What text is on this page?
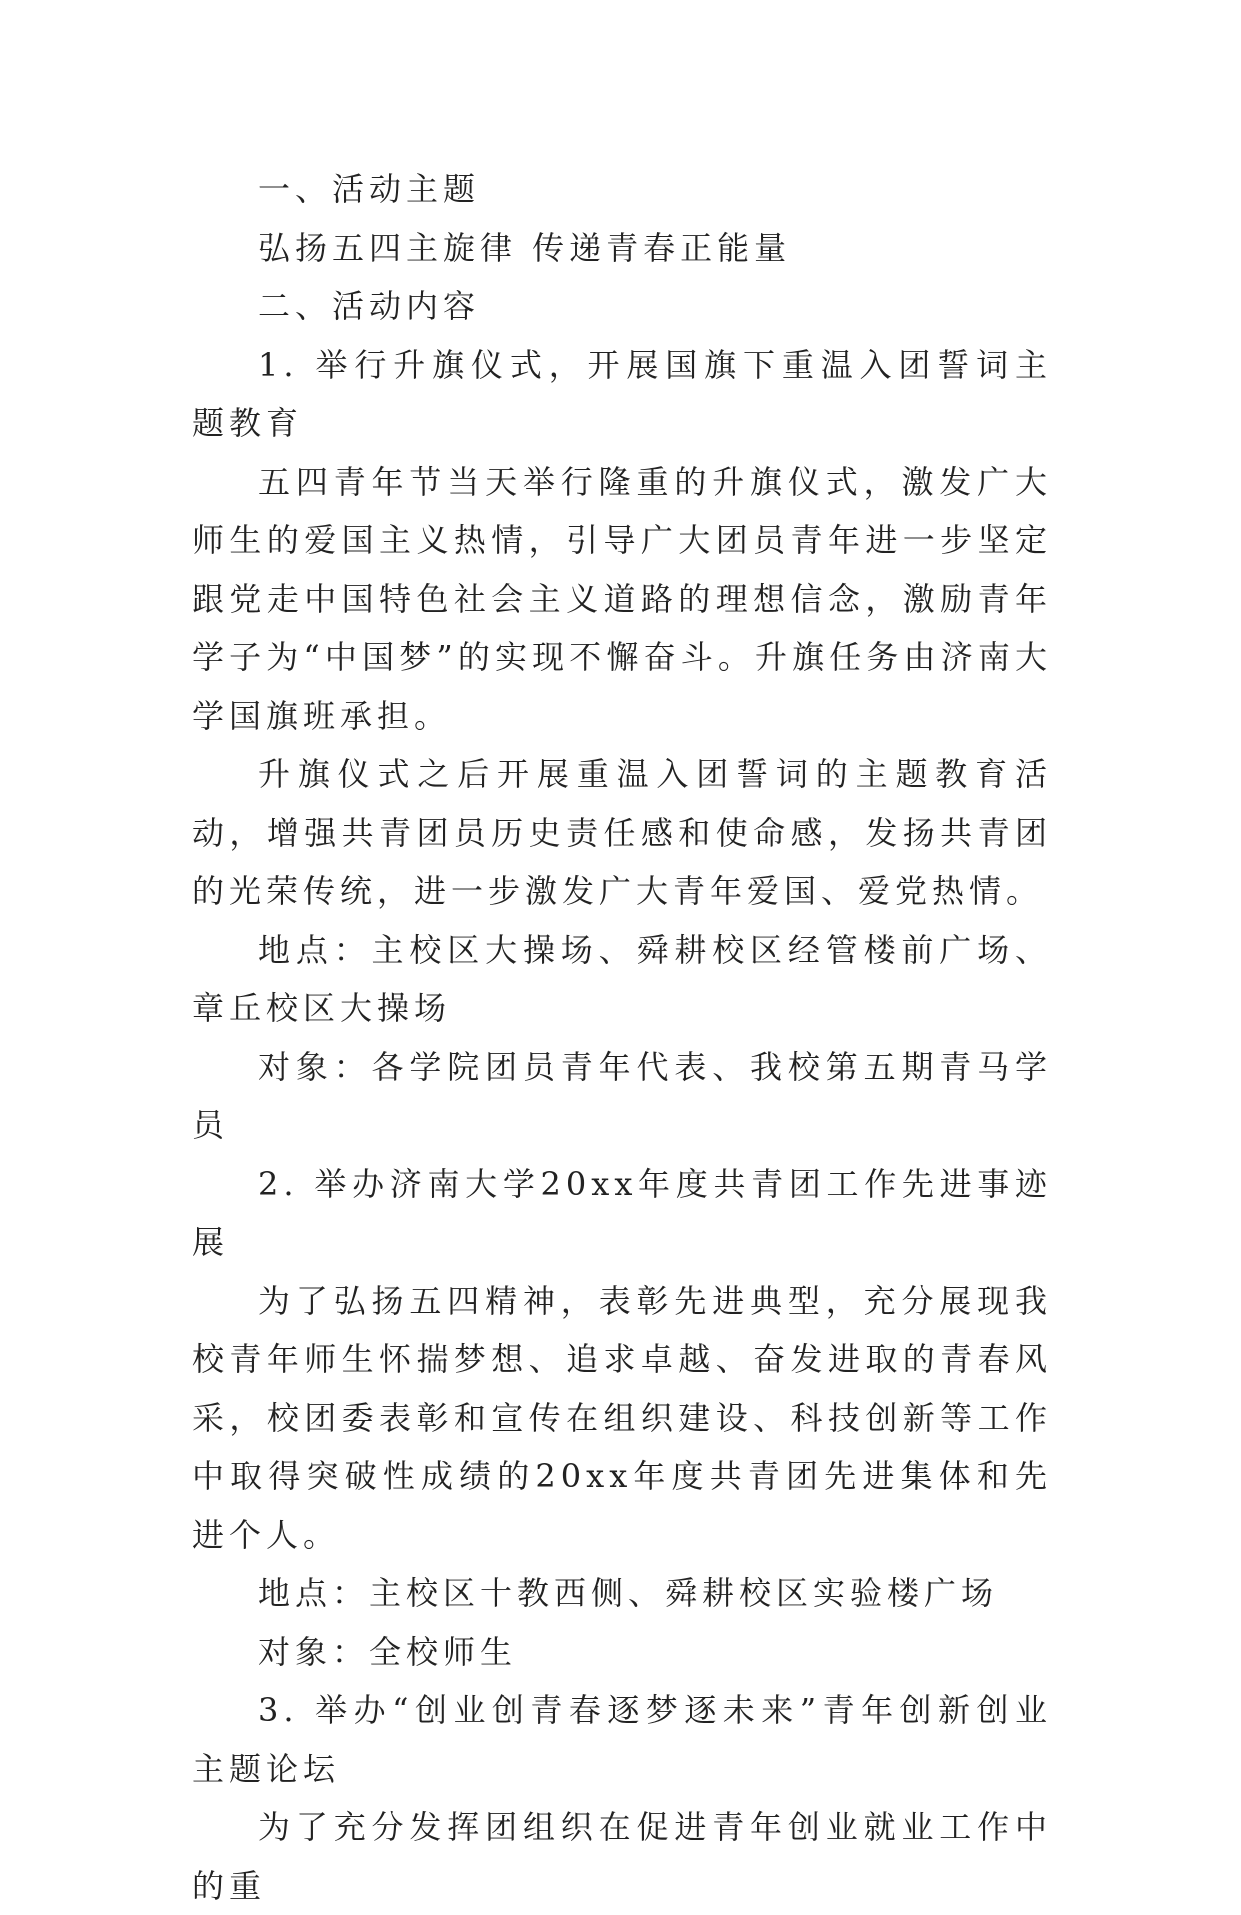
一、活动主题

弘扬五四主旋律 传递青春正能量

二、活动内容

1. 举行升旗仪式，开展国旗下重温入团誓词主题教育

五四青年节当天举行隆重的升旗仪式，激发广大师生的爱国主义热情，引导广大团员青年进一步坚定跟党走中国特色社会主义道路的理想信念，激励青年学子为“中国梦”的实现不懈奋斗。升旗任务由济南大学国旗班承担。

升旗仪式之后开展重温入团誓词的主题教育活动，增强共青团员历史责任感和使命感，发扬共青团的光荣传统，进一步激发广大青年爱国、爱党热情。

地点：主校区大操场、舜耕校区经管楼前广场、章丘校区大操场

对象：各学院团员青年代表、我校第五期青马学员

2. 举办济南大学20xx年度共青团工作先进事迹展

为了弘扬五四精神，表彰先进典型，充分展现我校青年师生怀揣梦想、追求卓越、奋发进取的青春风采，校团委表彰和宣传在组织建设、科技创新等工作中取得突破性成绩的20xx年度共青团先进集体和先进个人。

地点：主校区十教西侧、舜耕校区实验楼广场

对象：全校师生

3. 举办“创业创青春逐梦逐未来”青年创新创业主题论坛

为了充分发挥团组织在促进青年创业就业工作中的重
